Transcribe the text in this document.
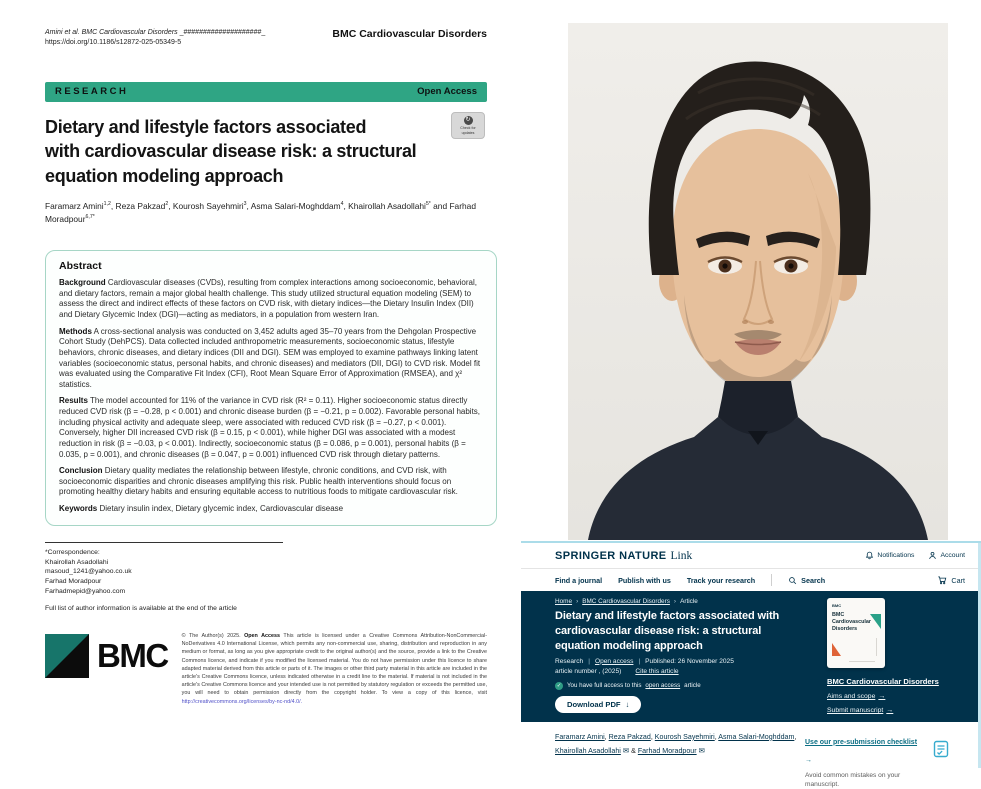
Amini et al. BMC Cardiovascular Disorders _####################_
https://doi.org/10.1186/s12872-025-05349-5
BMC Cardiovascular Disorders
RESEARCH	Open Access
↻
Check for updates
Dietary and lifestyle factors associated
with cardiovascular disease risk: a structural
equation modeling approach
Faramarz Amini$^{1,2}$, Reza Pakzad$^2$, Kourosh Sayehmiri$^3$, Asma Salari-Moghddam$^4$, Khairollah Asadollahi$^{5*}$ and Farhad Moradpour$^{6,7*}$
Abstract

Background Cardiovascular diseases (CVDs), resulting from complex interactions among socioeconomic, behavioral, and dietary factors, remain a major global health challenge. This study utilized structural equation modeling (SEM) to assess the direct and indirect effects of these factors on CVD risk, with dietary indices—the Dietary Insulin Index (DII) and Dietary Glycemic Index (DGI)—acting as mediators, in a population from western Iran.

Methods A cross-sectional analysis was conducted on 3,452 adults aged 35–70 years from the Dehgolan Prospective Cohort Study (DehPCS). Data collected included anthropometric measurements, socioeconomic status, lifestyle behaviors, chronic diseases, and dietary indices (DII and DGI). SEM was employed to examine pathways linking latent variables (socioeconomic status, personal habits, and chronic diseases) and mediators (DII, DGI) to CVD risk. Model fit was evaluated using the Comparative Fit Index (CFI), Root Mean Square Error of Approximation (RMSEA), and χ² statistics.

Results The model accounted for 11% of the variance in CVD risk (R² = 0.11). Higher socioeconomic status directly reduced CVD risk (β = −0.28, p < 0.001) and chronic disease burden (β = −0.21, p = 0.002). Favorable personal habits, including physical activity and adequate sleep, were associated with reduced CVD risk (β = −0.27, p < 0.001). Conversely, higher DII increased CVD risk (β = 0.15, p < 0.001), while higher DGI was associated with a modest reduction in risk (β = −0.03, p < 0.001). Indirectly, socioeconomic status (β = 0.086, p = 0.001), personal habits (β = 0.035, p = 0.001), and chronic diseases (β = 0.047, p = 0.001) influenced CVD risk through dietary patterns.

Conclusion Dietary quality mediates the relationship between lifestyle, chronic conditions, and CVD risk, with socioeconomic disparities and chronic diseases amplifying this risk. Public health interventions should focus on promoting healthy dietary habits and ensuring equitable access to nutritious foods to mitigate cardiovascular risk.

Keywords Dietary insulin index, Dietary glycemic index, Cardiovascular disease

*Correspondence:
Khairollah Asadollahi
masoud_1241@yahoo.co.uk
Farhad Moradpour
Farhadmepid@yahoo.com
Full list of author information is available at the end of the article
BMC
© The Author(s) 2025. Open Access This article is licensed under a Creative Commons Attribution-NonCommercial-NoDerivatives 4.0 International License, which permits any non-commercial use, sharing, distribution and reproduction in any medium or format, as long as you give appropriate credit to the original author(s) and the source, provide a link to the Creative Commons licence, and indicate if you modified the licensed material. You do not have permission under this licence to share adapted material derived from this article or parts of it. The images or other third party material in this article are included in the article's Creative Commons licence, unless indicated otherwise in a credit line to the material. If material is not included in the article's Creative Commons licence and your intended use is not permitted by statutory regulation or exceeds the permitted use, you will need to obtain permission directly from the copyright holder. To view a copy of this licence, visit http://creativecommons.org/licenses/by-nc-nd/4.0/.
SPRINGER NATURE Link	Notifications	Account
Find a journal Publish with us Track your research	Search	Cart
Home › BMC Cardiovascular Disorders › Article
Dietary and lifestyle factors associated with
cardiovascular disease risk: a structural
equation modeling approach
Research | Open access | Published: 26 November 2025
article number , (2025) Cite this article
✓ You have full access to this open access article
Download PDF ↓
BMC
BMC Cardiovascular Disorders
BMC Cardiovascular Disorders
Aims and scope →
Submit manuscript →
Faramarz Amini, Reza Pakzad, Kourosh Sayehmiri, Asma Salari-Moghddam, Khairollah Asadollahi ✉ & Farhad Moradpour ✉
Use our pre-submission checklist →
Avoid common mistakes on your manuscript.
